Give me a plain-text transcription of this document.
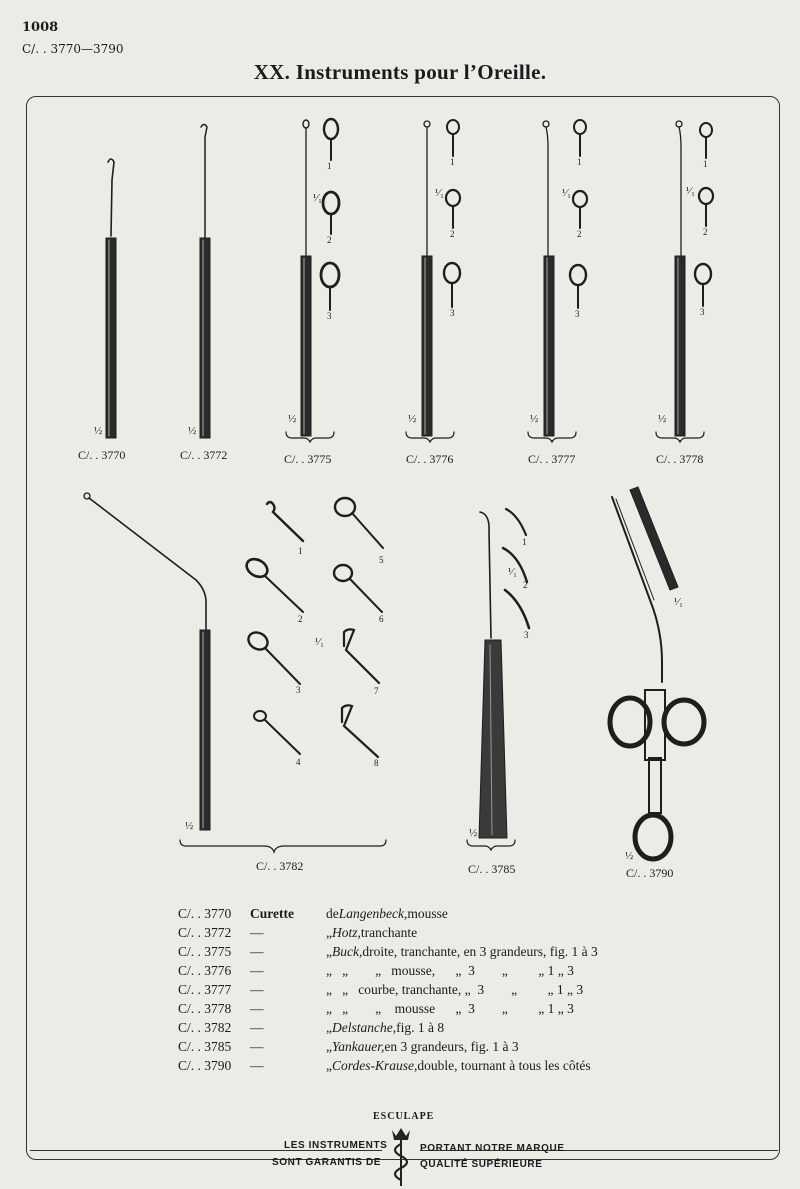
1008
C/. . 3770—3790
XX. Instruments pour l’Oreille.
½	½
½	½	½	½
¹⁄₁	¹⁄₁	¹⁄₁	¹⁄₁
1
2
3
1
2
3
1
2
3
1
2
3
C/. . 3770	C/. . 3772	C/. . 3775	C/. . 3776	C/. . 3777	C/. . 3778
1
2
3
4
5
6
7
8
¹⁄₁
½
1
2
3
¹⁄₁
½
¹⁄₁
½
C/. . 3782	C/. . 3785	C/. . 3790
C/. . 3770	Curette	de Langenbeck, mousse
C/. . 3772	—	„ Hotz, tranchante
C/. . 3775	—	„ Buck, droite, tranchante, en 3 grandeurs, fig. 1 à 3
C/. . 3776	—	„   „        „   mousse,      „  3        „         „ 1 „ 3
C/. . 3777	—	„   „   courbe, tranchante, „  3        „         „ 1 „ 3
C/. . 3778	—	„   „        „    mousse      „  3        „         „ 1 „ 3
C/. . 3782	—	„ Delstanche, fig. 1 à 8
C/. . 3785	—	„ Yankauer, en 3 grandeurs, fig. 1 à 3
C/. . 3790	—	„ Cordes-Krause, double, tournant à tous les côtés
ESCULAPE
LES INSTRUMENTS
SONT GARANTIS DE
PORTANT NOTRE MARQUE
QUALITÉ SUPÉRIEURE
